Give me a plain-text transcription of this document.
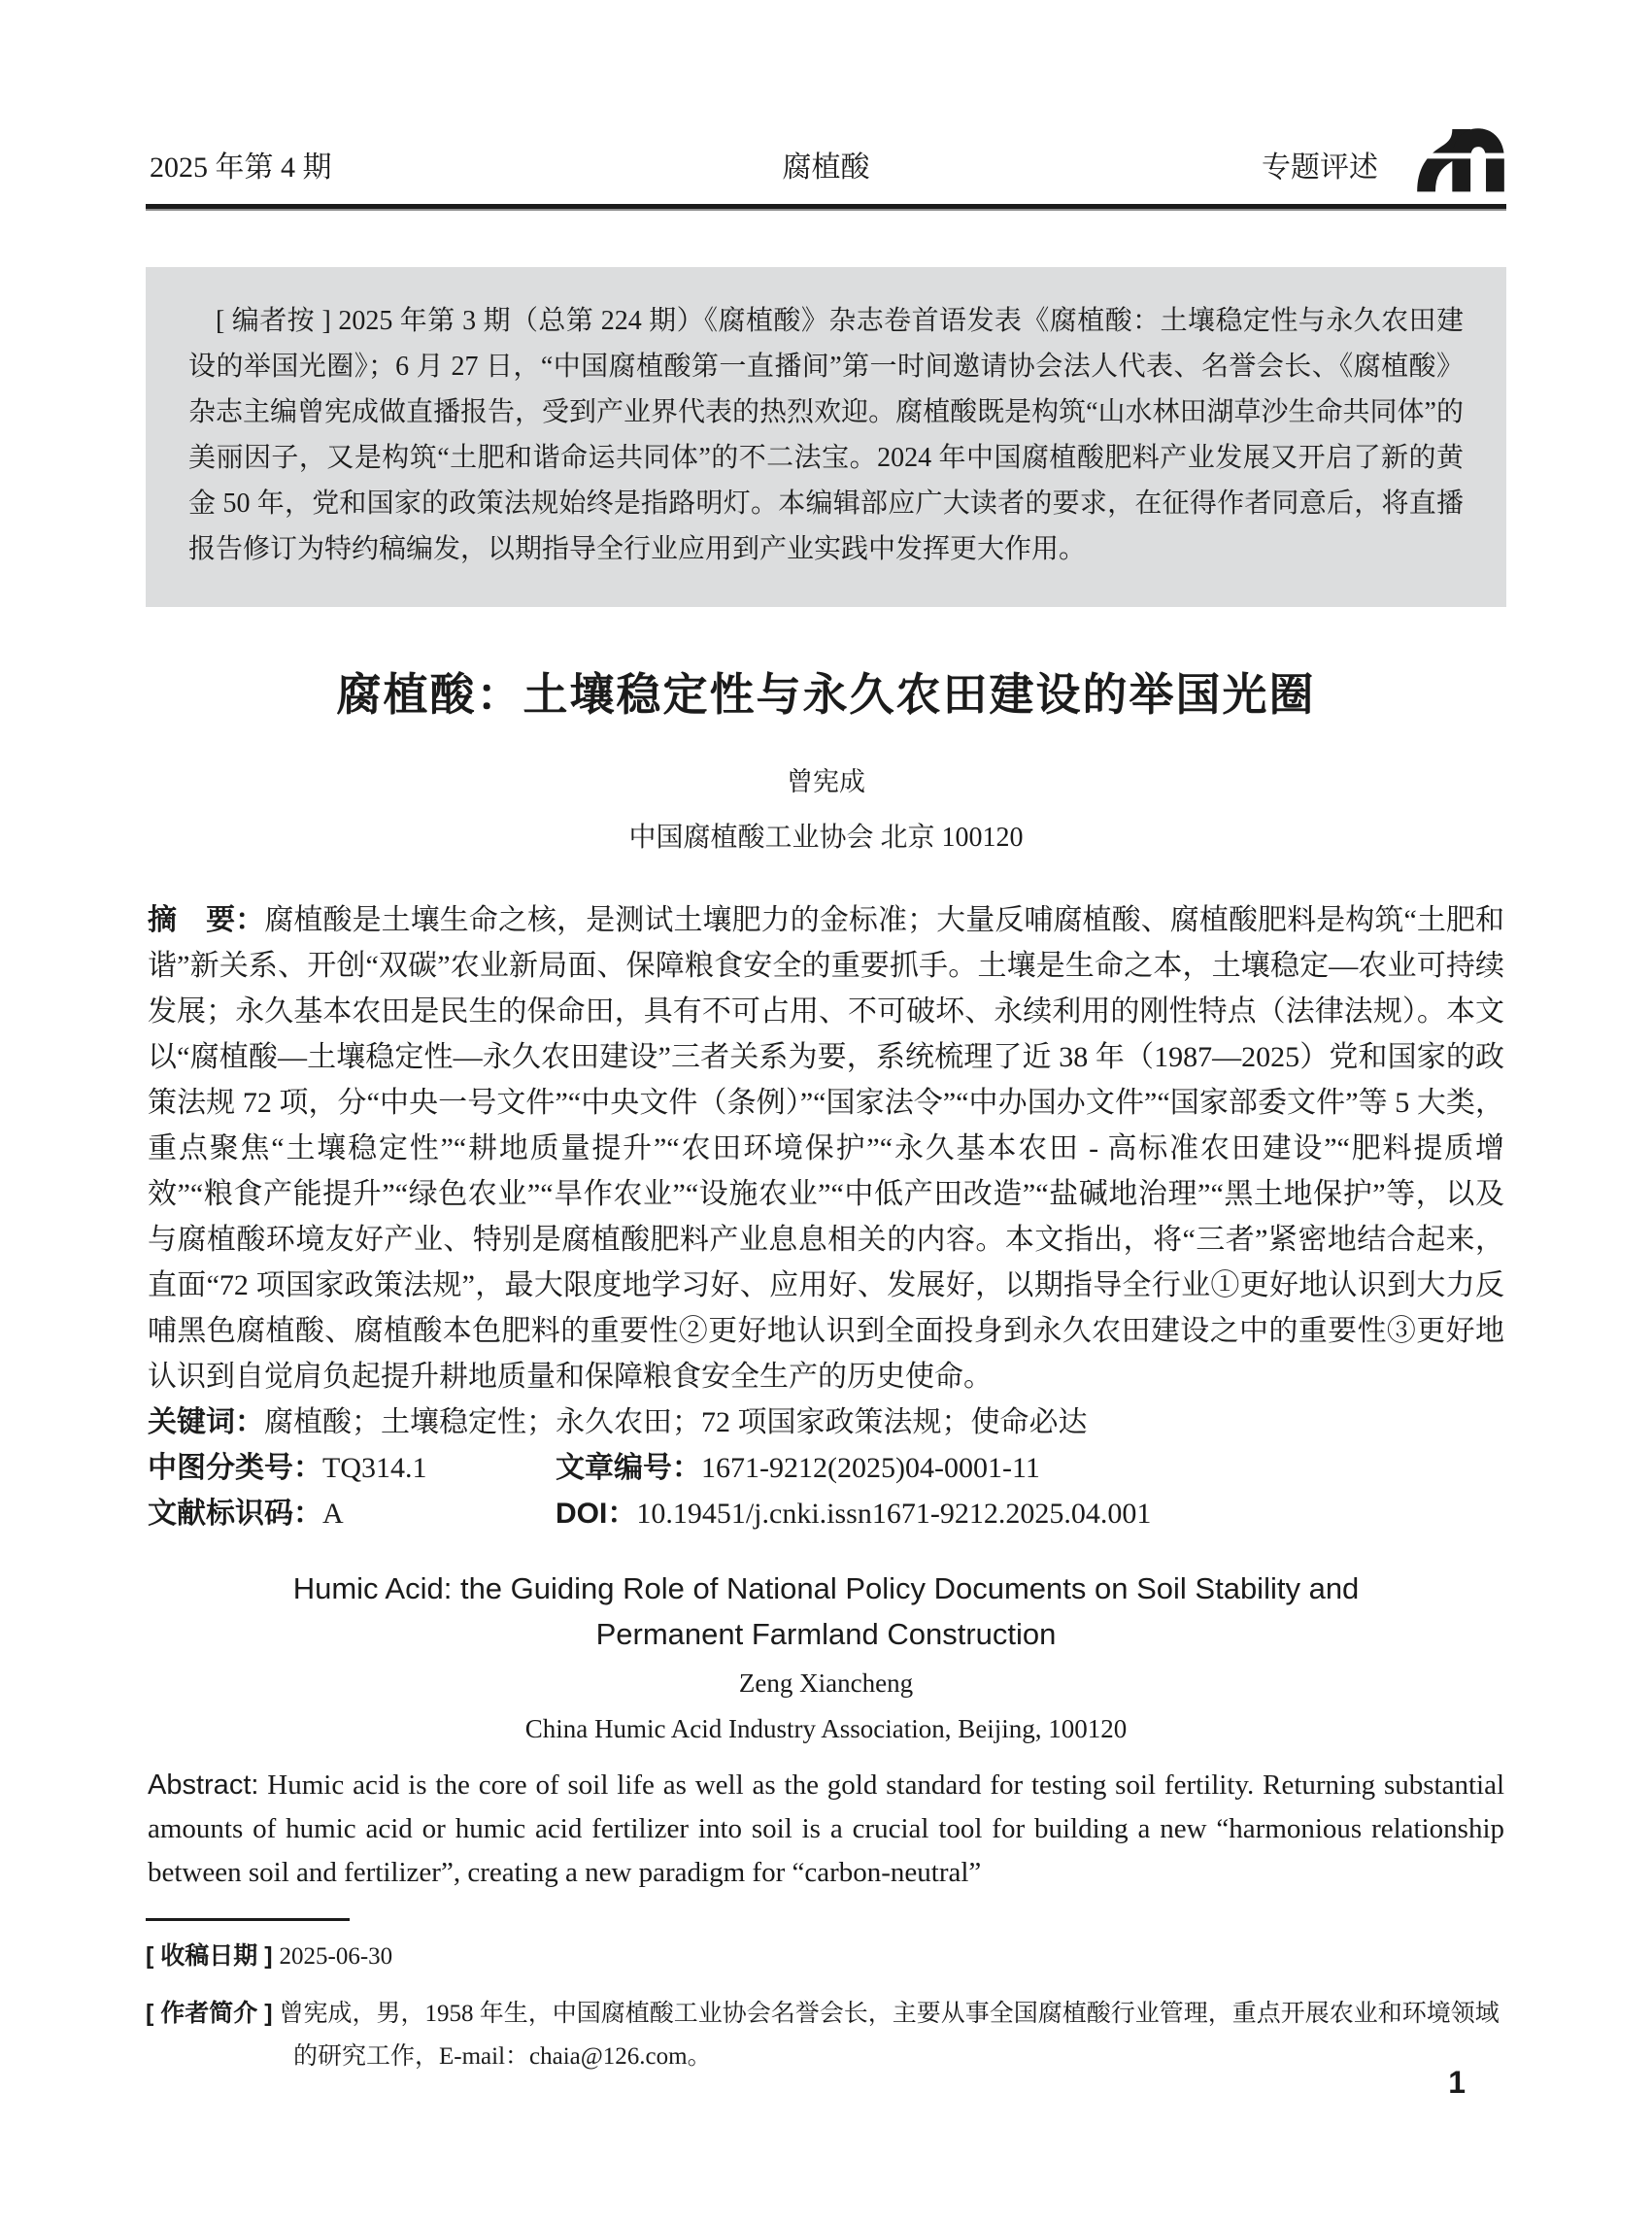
2025 年第 4 期	腐植酸	专题评述

[ 编者按 ] 2025 年第 3 期（总第 224 期）《腐植酸》杂志卷首语发表《腐植酸：土壤稳定性与永久农田建设的举国光圈》；6 月 27 日，“中国腐植酸第一直播间”第一时间邀请协会法人代表、名誉会长、《腐植酸》杂志主编曾宪成做直播报告，受到产业界代表的热烈欢迎。腐植酸既是构筑“山水林田湖草沙生命共同体”的美丽因子，又是构筑“土肥和谐命运共同体”的不二法宝。2024 年中国腐植酸肥料产业发展又开启了新的黄金 50 年，党和国家的政策法规始终是指路明灯。本编辑部应广大读者的要求，在征得作者同意后，将直播报告修订为特约稿编发，以期指导全行业应用到产业实践中发挥更大作用。

腐植酸：土壤稳定性与永久农田建设的举国光圈
曾宪成
中国腐植酸工业协会 北京 100120

摘　要：腐植酸是土壤生命之核，是测试土壤肥力的金标准；大量反哺腐植酸、腐植酸肥料是构筑“土肥和谐”新关系、开创“双碳”农业新局面、保障粮食安全的重要抓手。土壤是生命之本，土壤稳定—农业可持续发展；永久基本农田是民生的保命田，具有不可占用、不可破坏、永续利用的刚性特点（法律法规）。本文以“腐植酸—土壤稳定性—永久农田建设”三者关系为要，系统梳理了近 38 年（1987—2025）党和国家的政策法规 72 项，分“中央一号文件”“中央文件（条例）”“国家法令”“中办国办文件”“国家部委文件”等 5 大类，重点聚焦“土壤稳定性”“耕地质量提升”“农田环境保护”“永久基本农田 - 高标准农田建设”“肥料提质增效”“粮食产能提升”“绿色农业”“旱作农业”“设施农业”“中低产田改造”“盐碱地治理”“黑土地保护”等，以及与腐植酸环境友好产业、特别是腐植酸肥料产业息息相关的内容。本文指出，将“三者”紧密地结合起来，直面“72 项国家政策法规”，最大限度地学习好、应用好、发展好，以期指导全行业①更好地认识到大力反哺黑色腐植酸、腐植酸本色肥料的重要性②更好地认识到全面投身到永久农田建设之中的重要性③更好地认识到自觉肩负起提升耕地质量和保障粮食安全生产的历史使命。

关键词：腐植酸；土壤稳定性；永久农田；72 项国家政策法规；使命必达

中图分类号：TQ314.1	文章编号：1671-9212(2025)04-0001-11

文献标识码：A	DOI：10.19451/j.cnki.issn1671-9212.2025.04.001

Humic Acid: the Guiding Role of National Policy Documents on Soil Stability and
Permanent Farmland Construction
Zeng Xiancheng
China Humic Acid Industry Association, Beijing, 100120

Abstract: Humic acid is the core of soil life as well as the gold standard for testing soil fertility. Returning substantial amounts of humic acid or humic acid fertilizer into soil is a crucial tool for building a new “harmonious relationship between soil and fertilizer”, creating a new paradigm for “carbon-neutral”

[ 收稿日期 ] 2025-06-30

[ 作者简介 ] 曾宪成，男，1958 年生，中国腐植酸工业协会名誉会长，主要从事全国腐植酸行业管理，重点开展农业和环境领域的研究工作，E-mail：chaia@126.com。

1
